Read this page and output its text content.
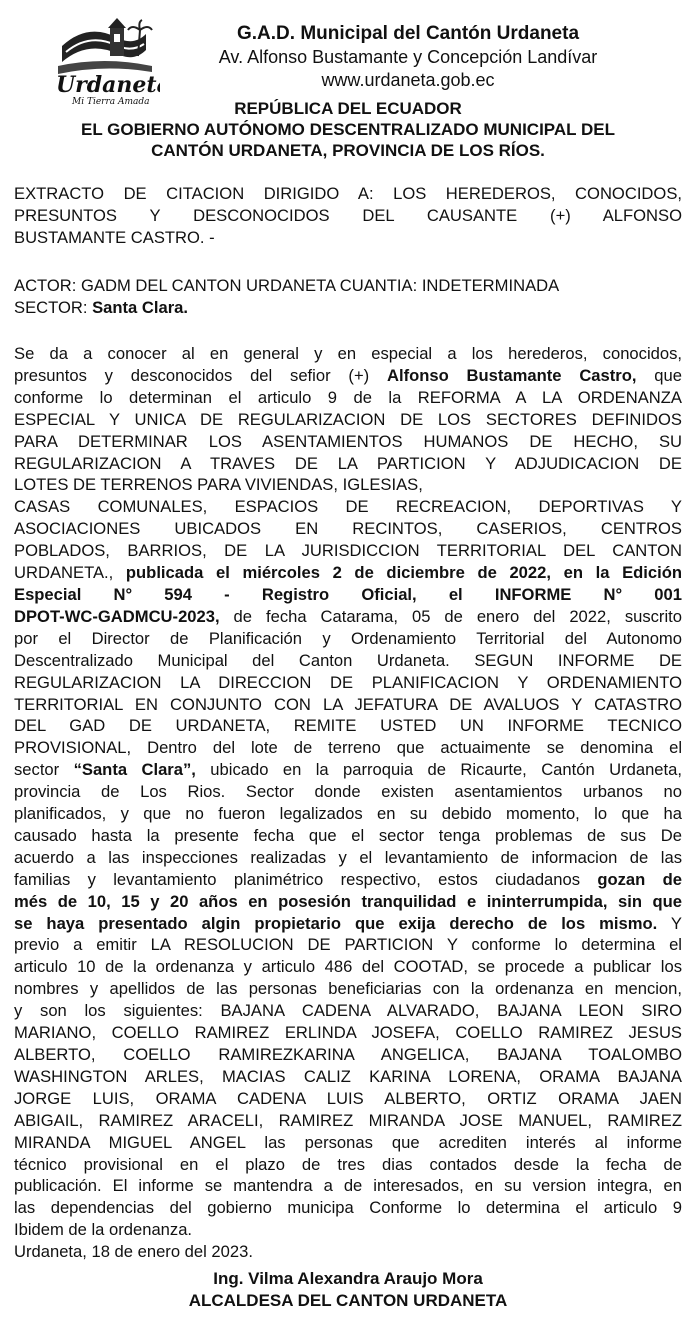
Urdaneta
Mi Tierra Amada
G.A.D. Municipal del Cantón Urdaneta
Av. Alfonso Bustamante y Concepción Landívar
www.urdaneta.gob.ec
REPÚBLICA DEL ECUADOR
EL GOBIERNO AUTÓNOMO DESCENTRALIZADO MUNICIPAL DEL
CANTÓN URDANETA, PROVINCIA DE LOS RÍOS.
EXTRACTO DE CITACION DIRIGIDO A: LOS HEREDEROS, CONOCIDOS,
PRESUNTOS Y DESCONOCIDOS DEL CAUSANTE (+) ALFONSO
BUSTAMANTE CASTRO. -
ACTOR: GADM DEL CANTON URDANETA CUANTIA: INDETERMINADA
SECTOR: Santa Clara.
Se da a conocer al en general y en especial a los herederos, conocidos,
presuntos y desconocidos del sefior (+) Alfonso Bustamante Castro, que
conforme lo determinan el articulo 9 de la REFORMA A LA ORDENANZA
ESPECIAL Y UNICA DE REGULARIZACION DE LOS SECTORES DEFINIDOS
PARA DETERMINAR LOS ASENTAMIENTOS HUMANOS DE HECHO, SU
REGULARIZACION A TRAVES DE LA PARTICION Y ADJUDICACION DE
LOTES DE TERRENOS PARA VIVIENDAS, IGLESIAS,
CASAS COMUNALES, ESPACIOS DE RECREACION, DEPORTIVAS Y
ASOCIACIONES UBICADOS EN RECINTOS, CASERIOS, CENTROS
POBLADOS, BARRIOS, DE LA JURISDICCION TERRITORIAL DEL CANTON
URDANETA., publicada el miércoles 2 de diciembre de 2022, en la Edición
Especial N° 594 - Registro Oficial, el INFORME N° 001
DPOT-WC-GADMCU-2023, de fecha Catarama, 05 de enero del 2022, suscrito
por el Director de Planificación y Ordenamiento Territorial del Autonomo
Descentralizado Municipal del Canton Urdaneta. SEGUN INFORME DE
REGULARIZACION LA DIRECCION DE PLANIFICACION Y ORDENAMIENTO
TERRITORIAL EN CONJUNTO CON LA JEFATURA DE AVALUOS Y CATASTRO
DEL GAD DE URDANETA, REMITE USTED UN INFORME TECNICO
PROVISIONAL, Dentro del lote de terreno que actuaimente se denomina el
sector “Santa Clara”, ubicado en la parroquia de Ricaurte, Cantón Urdaneta,
provincia de Los Rios. Sector donde existen asentamientos urbanos no
planificados, y que no fueron legalizados en su debido momento, lo que ha
causado hasta la presente fecha que el sector tenga problemas de sus De
acuerdo a las inspecciones realizadas y el levantamiento de informacion de las
familias y levantamiento planimétrico respectivo, estos ciudadanos gozan de
més de 10, 15 y 20 años en posesión tranquilidad e ininterrumpida, sin que
se haya presentado algin propietario que exija derecho de los mismo. Y
previo a emitir LA RESOLUCION DE PARTICION Y conforme lo determina el
articulo 10 de la ordenanza y articulo 486 del COOTAD, se procede a publicar los
nombres y apellidos de las personas beneficiarias con la ordenanza en mencion,
y son los siguientes: BAJANA CADENA ALVARADO, BAJANA LEON SIRO
MARIANO, COELLO RAMIREZ ERLINDA JOSEFA, COELLO RAMIREZ JESUS
ALBERTO, COELLO RAMIREZKARINA ANGELICA, BAJANA TOALOMBO
WASHINGTON ARLES, MACIAS CALIZ KARINA LORENA, ORAMA BAJANA
JORGE LUIS, ORAMA CADENA LUIS ALBERTO, ORTIZ ORAMA JAEN
ABIGAIL, RAMIREZ ARACELI, RAMIREZ MIRANDA JOSE MANUEL, RAMIREZ
MIRANDA MIGUEL ANGEL las personas que acrediten interés al informe
técnico provisional en el plazo de tres dias contados desde la fecha de
publicación. El informe se mantendra a de interesados, en su version integra, en
las dependencias del gobierno municipa Conforme lo determina el articulo 9
Ibidem de la ordenanza.
Urdaneta, 18 de enero del 2023.
Ing. Vilma Alexandra Araujo Mora
ALCALDESA DEL CANTON URDANETA
